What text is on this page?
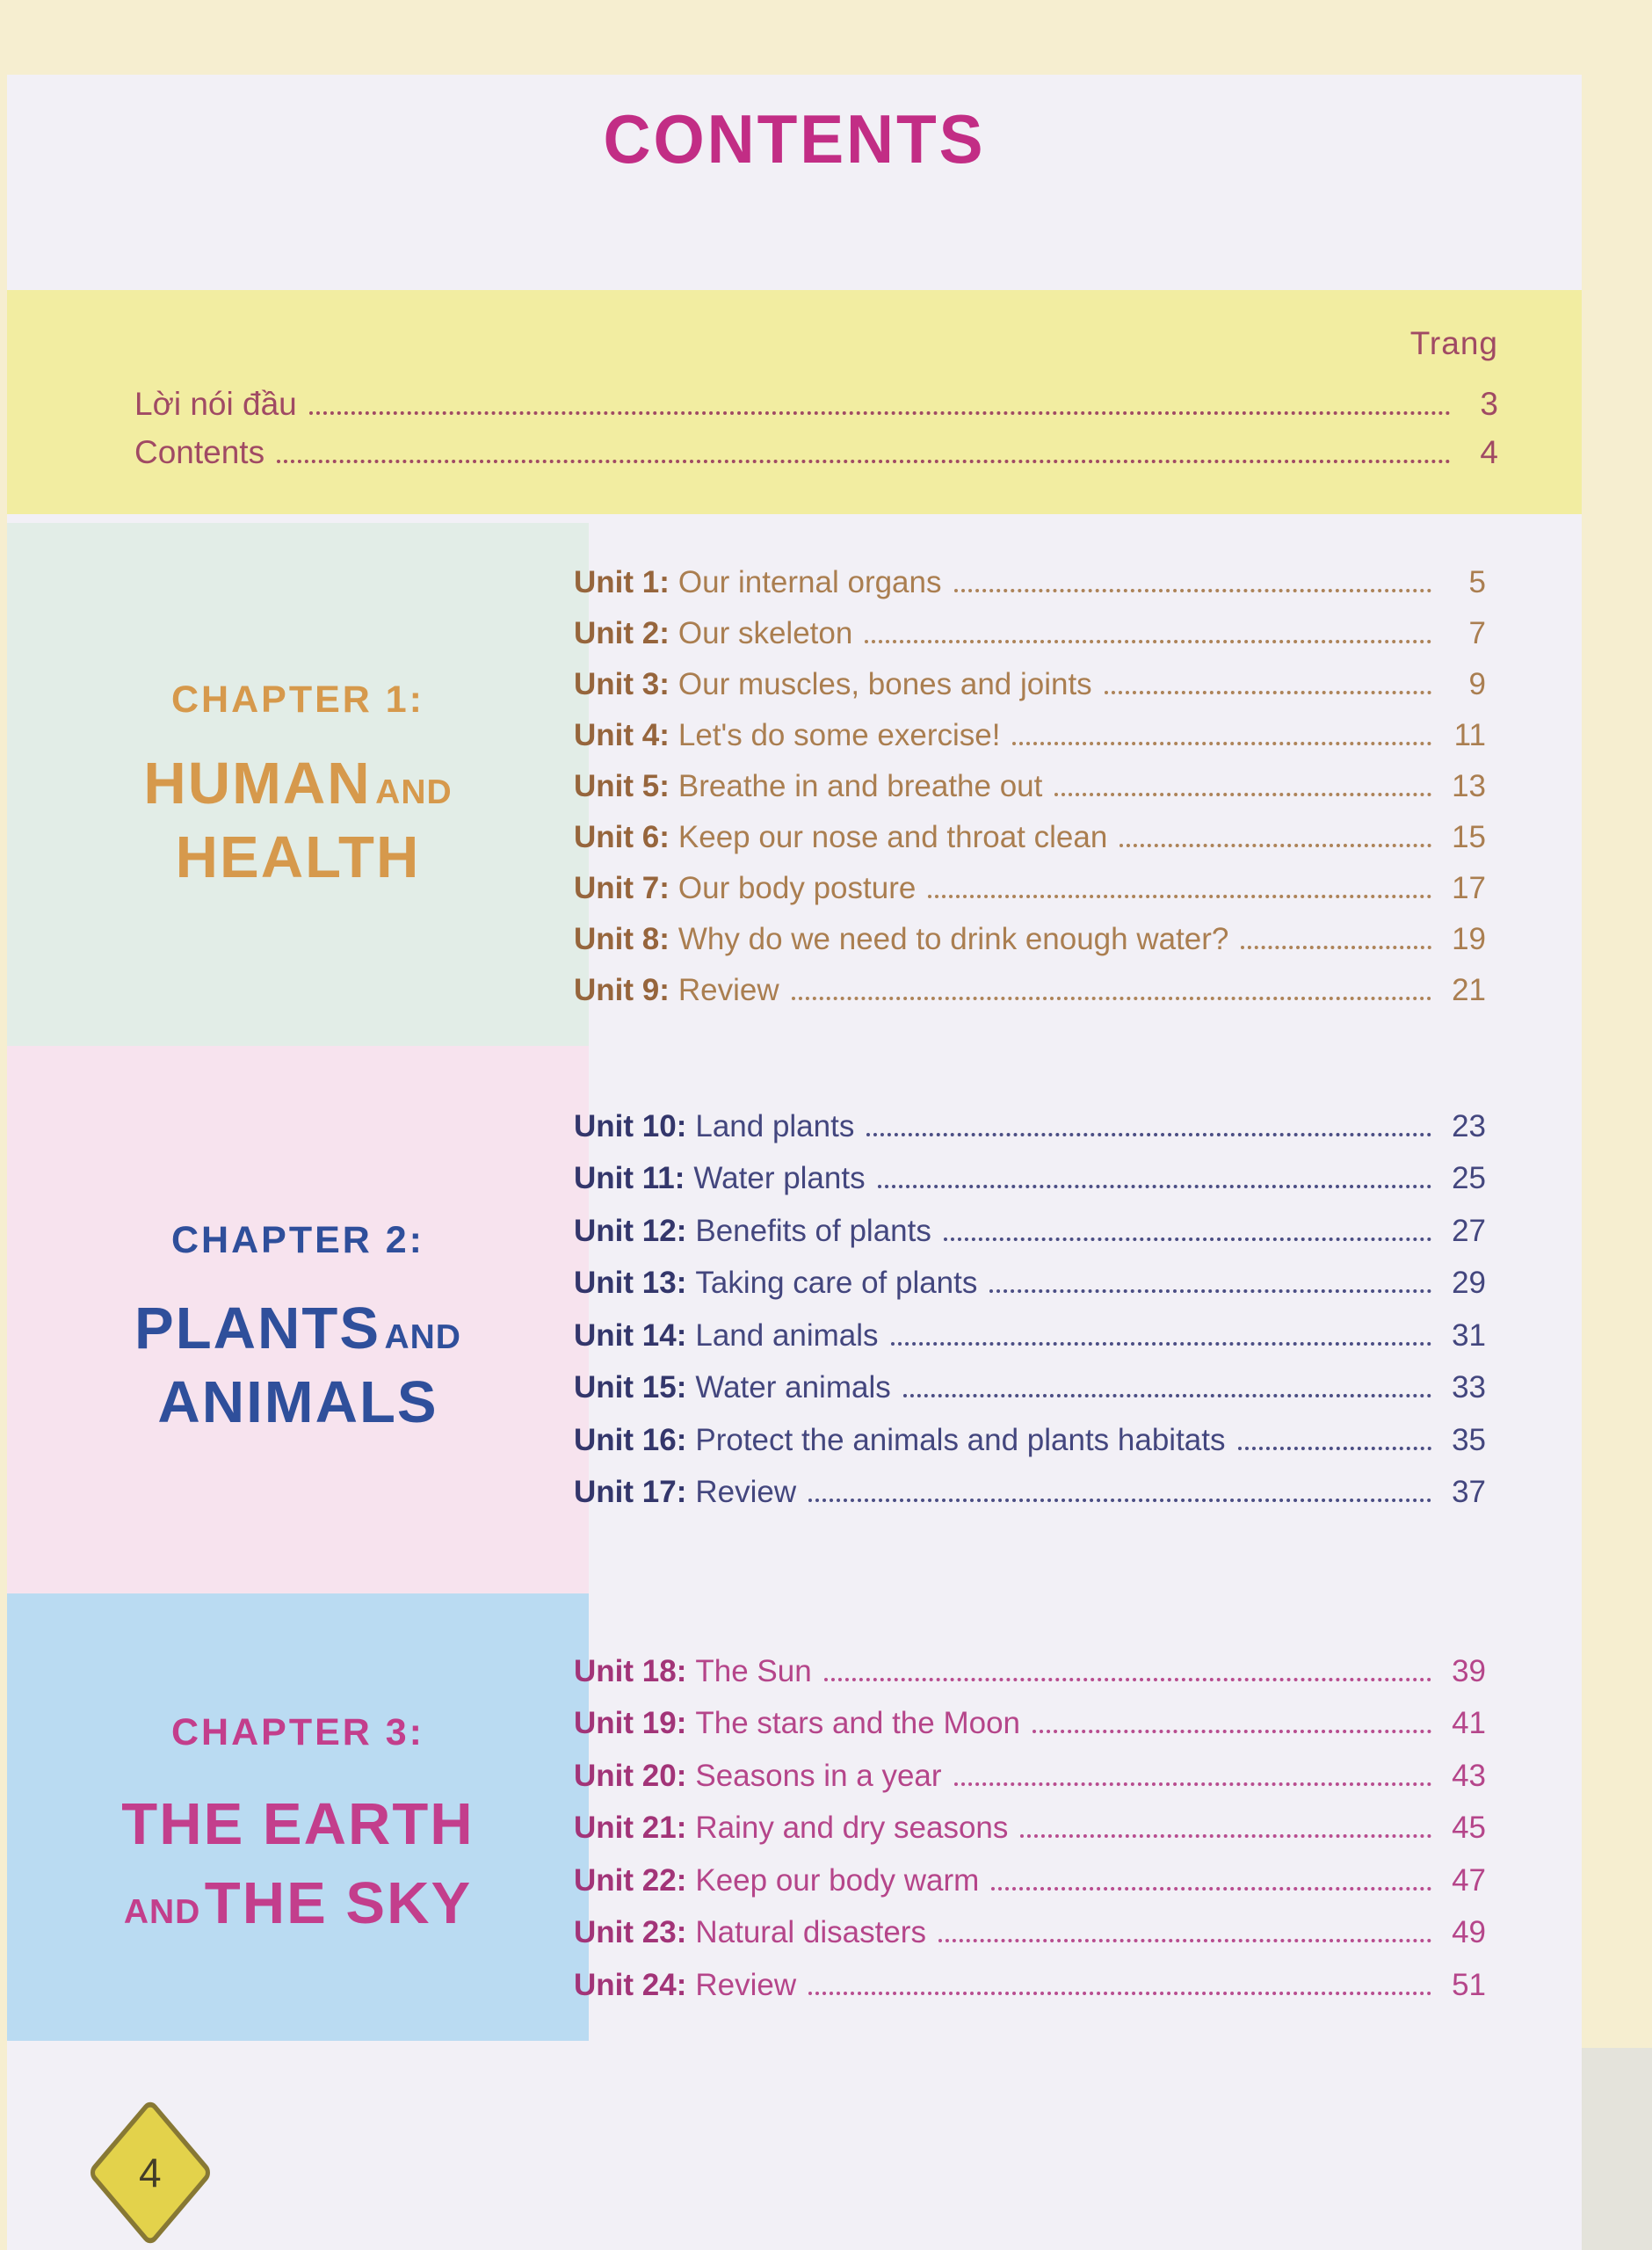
CONTENTS
Trang
Lời nói đầu	3
Contents	4
CHAPTER 1:
HUMAN AND
HEALTH
CHAPTER 2:
PLANTS AND
ANIMALS
CHAPTER 3:
THE EARTH
AND THE SKY
Unit 1: Our internal organs	5
Unit 2: Our skeleton	7
Unit 3: Our muscles, bones and joints	9
Unit 4: Let's do some exercise!	11
Unit 5: Breathe in and breathe out	13
Unit 6: Keep our nose and throat clean	15
Unit 7: Our body posture	17
Unit 8: Why do we need to drink enough water?	19
Unit 9: Review	21
Unit 10: Land plants	23
Unit 11: Water plants	25
Unit 12: Benefits of plants	27
Unit 13: Taking care of plants	29
Unit 14: Land animals	31
Unit 15: Water animals	33
Unit 16: Protect the animals and plants habitats	35
Unit 17: Review	37
Unit 18: The Sun	39
Unit 19: The stars and the Moon	41
Unit 20: Seasons in a year	43
Unit 21: Rainy and dry seasons	45
Unit 22: Keep our body warm	47
Unit 23: Natural disasters	49
Unit 24: Review	51
4
